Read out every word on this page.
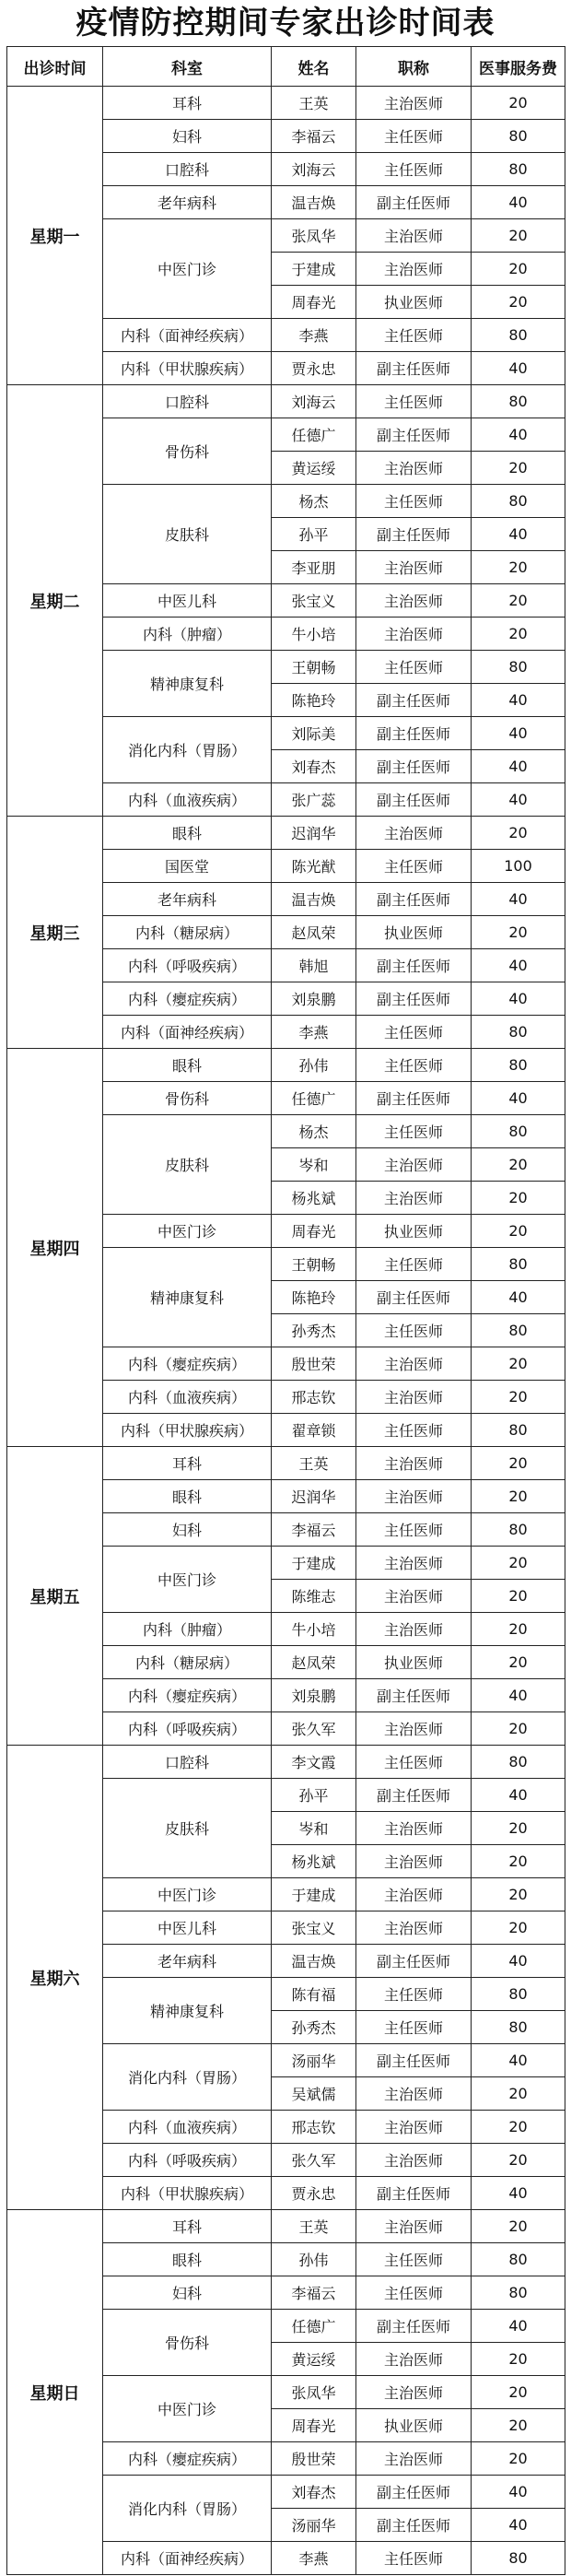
疫情防控期间专家出诊时间表
出诊时间	科室	姓名	职称	医事服务费
星期一	耳科	王英	主治医师	20
	妇科	李福云	主任医师	80
	口腔科	刘海云	主任医师	80
	老年病科	温吉焕	副主任医师	40
	中医门诊	张凤华	主治医师	20
		于建成	主治医师	20
		周春光	执业医师	20
	内科（面神经疾病）	李燕	主任医师	80
	内科（甲状腺疾病）	贾永忠	副主任医师	40
星期二	口腔科	刘海云	主任医师	80
	骨伤科	任德广	副主任医师	40
		黄运绥	主治医师	20
	皮肤科	杨杰	主任医师	80
		孙平	副主任医师	40
		李亚朋	主治医师	20
	中医儿科	张宝义	主治医师	20
	内科（肿瘤）	牛小培	主治医师	20
	精神康复科	王朝畅	主任医师	80
		陈艳玲	副主任医师	40
	消化内科（胃肠）	刘际美	副主任医师	40
		刘春杰	副主任医师	40
	内科（血液疾病）	张广蕊	副主任医师	40
星期三	眼科	迟润华	主治医师	20
	国医堂	陈光猷	主任医师	100
	老年病科	温吉焕	副主任医师	40
	内科（糖尿病）	赵凤荣	执业医师	20
	内科（呼吸疾病）	韩旭	副主任医师	40
	内科（瘿症疾病）	刘泉鹏	副主任医师	40
	内科（面神经疾病）	李燕	主任医师	80
星期四	眼科	孙伟	主任医师	80
	骨伤科	任德广	副主任医师	40
	皮肤科	杨杰	主任医师	80
		岑和	主治医师	20
		杨兆斌	主治医师	20
	中医门诊	周春光	执业医师	20
	精神康复科	王朝畅	主任医师	80
		陈艳玲	副主任医师	40
		孙秀杰	主任医师	80
	内科（瘿症疾病）	殷世荣	主治医师	20
	内科（血液疾病）	邢志钦	主治医师	20
	内科（甲状腺疾病）	翟章锁	主任医师	80
星期五	耳科	王英	主治医师	20
	眼科	迟润华	主治医师	20
	妇科	李福云	主任医师	80
	中医门诊	于建成	主治医师	20
		陈维志	主治医师	20
	内科（肿瘤）	牛小培	主治医师	20
	内科（糖尿病）	赵凤荣	执业医师	20
	内科（瘿症疾病）	刘泉鹏	副主任医师	40
	内科（呼吸疾病）	张久军	主治医师	20
星期六	口腔科	李文霞	主任医师	80
	皮肤科	孙平	副主任医师	40
		岑和	主治医师	20
		杨兆斌	主治医师	20
	中医门诊	于建成	主治医师	20
	中医儿科	张宝义	主治医师	20
	老年病科	温吉焕	副主任医师	40
	精神康复科	陈有福	主任医师	80
		孙秀杰	主任医师	80
	消化内科（胃肠）	汤丽华	副主任医师	40
		吴斌儒	主治医师	20
	内科（血液疾病）	邢志钦	主治医师	20
	内科（呼吸疾病）	张久军	主治医师	20
	内科（甲状腺疾病）	贾永忠	副主任医师	40
星期日	耳科	王英	主治医师	20
	眼科	孙伟	主任医师	80
	妇科	李福云	主任医师	80
	骨伤科	任德广	副主任医师	40
		黄运绥	主治医师	20
	中医门诊	张凤华	主治医师	20
		周春光	执业医师	20
	内科（瘿症疾病）	殷世荣	主治医师	20
	消化内科（胃肠）	刘春杰	副主任医师	40
		汤丽华	副主任医师	40
	内科（面神经疾病）	李燕	主任医师	80
